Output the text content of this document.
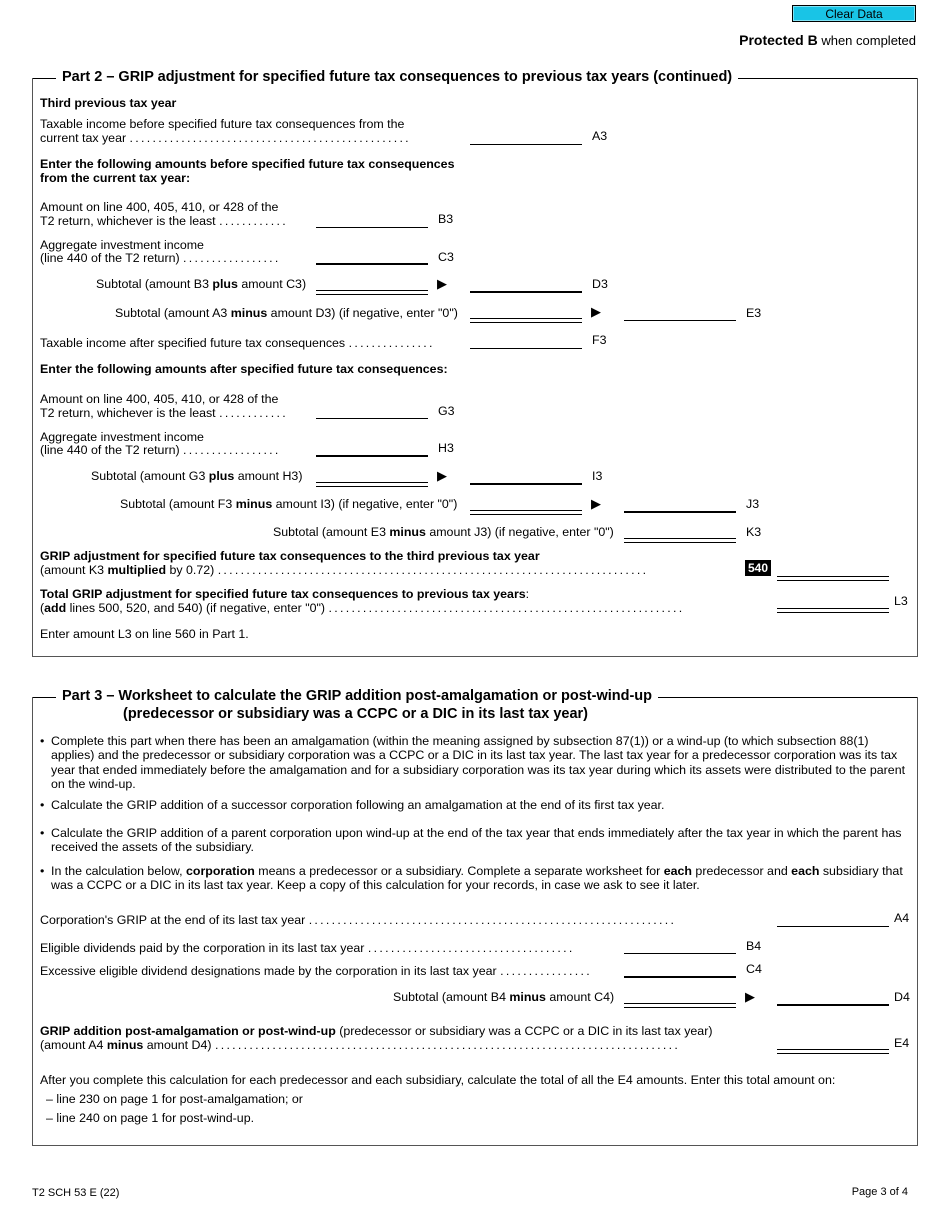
Clear Data
Protected B when completed
Part 2 – GRIP adjustment for specified future tax consequences to previous tax years (continued)
Third previous tax year
Taxable income before specified future tax consequences from the
current tax year .................................................	A3
Enter the following amounts before specified future tax consequences
from the current tax year:
Amount on line 400, 405, 410, or 428 of the
T2 return, whichever is the least ............	B3
Aggregate investment income
(line 440 of the T2 return) .................	C3
Subtotal (amount B3 plus amount C3)	▶	D3
Subtotal (amount A3 minus amount D3) (if negative, enter "0")	▶	E3
Taxable income after specified future tax consequences ...............	F3
Enter the following amounts after specified future tax consequences:
Amount on line 400, 405, 410, or 428 of the
T2 return, whichever is the least ............	G3
Aggregate investment income
(line 440 of the T2 return) .................	H3
Subtotal (amount G3 plus amount H3)	▶	I3
Subtotal (amount F3 minus amount I3) (if negative, enter "0")	▶	J3
Subtotal (amount E3 minus amount J3) (if negative, enter "0")	K3
GRIP adjustment for specified future tax consequences to the third previous tax year
(amount K3 multiplied by 0.72) ...........................................................................	540
Total GRIP adjustment for specified future tax consequences to previous tax years:
(add lines 500, 520, and 540) (if negative, enter "0") ..............................................................	L3
Enter amount L3 on line 560 in Part 1.
Part 3 – Worksheet to calculate the GRIP addition post-amalgamation or post-wind-up
(predecessor or subsidiary was a CCPC or a DIC in its last tax year)
• Complete this part when there has been an amalgamation (within the meaning assigned by subsection 87(1)) or a wind-up (to which subsection 88(1) applies) and the predecessor or subsidiary corporation was a CCPC or a DIC in its last tax year. The last tax year for a predecessor corporation was its tax year that ended immediately before the amalgamation and for a subsidiary corporation was its tax year during which its assets were distributed to the parent on the wind-up.
• Calculate the GRIP addition of a successor corporation following an amalgamation at the end of its first tax year.
• Calculate the GRIP addition of a parent corporation upon wind-up at the end of the tax year that ends immediately after the tax year in which the parent has received the assets of the subsidiary.
• In the calculation below, corporation means a predecessor or a subsidiary. Complete a separate worksheet for each predecessor and each subsidiary that was a CCPC or a DIC in its last tax year. Keep a copy of this calculation for your records, in case we ask to see it later.
Corporation's GRIP at the end of its last tax year ................................................................	A4
Eligible dividends paid by the corporation in its last tax year ....................................	B4
Excessive eligible dividend designations made by the corporation in its last tax year ................	C4
Subtotal (amount B4 minus amount C4)	▶	D4
GRIP addition post-amalgamation or post-wind-up (predecessor or subsidiary was a CCPC or a DIC in its last tax year)
(amount A4 minus amount D4) .................................................................................	E4
After you complete this calculation for each predecessor and each subsidiary, calculate the total of all the E4 amounts. Enter this total amount on:
– line 230 on page 1 for post-amalgamation; or
– line 240 on page 1 for post-wind-up.
T2 SCH 53 E (22)	Page 3 of 4
